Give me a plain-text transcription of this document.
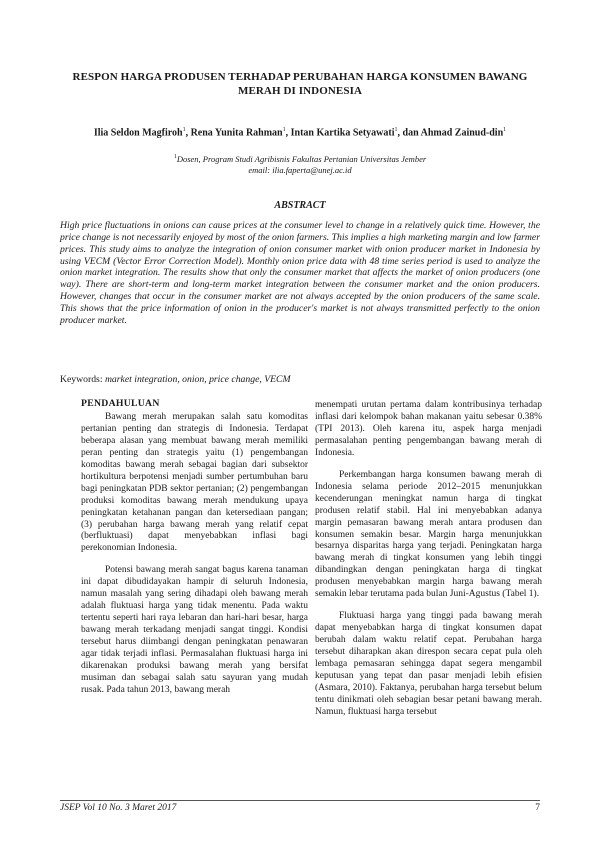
RESPON HARGA PRODUSEN TERHADAP PERUBAHAN HARGA KONSUMEN BAWANG MERAH DI INDONESIA
Ilia Seldon Magfiroh$^1$, Rena Yunita Rahman$^1$, Intan Kartika Setyawati$^1$, dan Ahmad Zainud-din$^1$
$^1$Dosen, Program Studi Agribisnis Fakultas Pertanian Universitas Jember
email: ilia.faperta@unej.ac.id
ABSTRACT
High price fluctuations in onions can cause prices at the consumer level to change in a relatively quick time. However, the price change is not necessarily enjoyed by most of the onion farmers. This implies a high marketing margin and low farmer prices. This study aims to analyze the integration of onion consumer market with onion producer market in Indonesia by using VECM (Vector Error Correction Model). Monthly onion price data with 48 time series period is used to analyze the onion market integration. The results show that only the consumer market that affects the market of onion producers (one way). There are short-term and long-term market integration between the consumer market and the onion producers. However, changes that occur in the consumer market are not always accepted by the onion producers of the same scale. This shows that the price information of onion in the producer's market is not always transmitted perfectly to the onion producer market.
Keywords: market integration, onion, price change, VECM
PENDAHULUAN

Bawang merah merupakan salah satu komoditas pertanian penting dan strategis di Indonesia. Terdapat beberapa alasan yang membuat bawang merah memiliki peran penting dan strategis yaitu (1) pengembangan komoditas bawang merah sebagai bagian dari subsektor hortikultura berpotensi menjadi sumber pertumbuhan baru bagi peningkatan PDB sektor pertanian; (2) pengembangan produksi komoditas bawang merah mendukung upaya peningkatan ketahanan pangan dan ketersediaan pangan; (3) perubahan harga bawang merah yang relatif cepat (berfluktuasi) dapat menyebabkan inflasi bagi perekonomian Indonesia.

Potensi bawang merah sangat bagus karena tanaman ini dapat dibudidayakan hampir di seluruh Indonesia, namun masalah yang sering dihadapi oleh bawang merah adalah fluktuasi harga yang tidak menentu. Pada waktu tertentu seperti hari raya lebaran dan hari-hari besar, harga bawang merah terkadang menjadi sangat tinggi. Kondisi tersebut harus diimbangi dengan peningkatan penawaran agar tidak terjadi inflasi. Permasalahan fluktuasi harga ini dikarenakan produksi bawang merah yang bersifat musiman dan sebagai salah satu sayuran yang mudah rusak. Pada tahun 2013, bawang merah

menempati urutan pertama dalam kontribusinya terhadap inflasi dari kelompok bahan makanan yaitu sebesar 0.38% (TPI 2013). Oleh karena itu, aspek harga menjadi permasalahan penting pengembangan bawang merah di Indonesia.

Perkembangan harga konsumen bawang merah di Indonesia selama periode 2012–2015 menunjukkan kecenderungan meningkat namun harga di tingkat produsen relatif stabil. Hal ini menyebabkan adanya margin pemasaran bawang merah antara produsen dan konsumen semakin besar. Margin harga menunjukkan besarnya disparitas harga yang terjadi. Peningkatan harga bawang merah di tingkat konsumen yang lebih tinggi dibandingkan dengan peningkatan harga di tingkat produsen menyebabkan margin harga bawang merah semakin lebar terutama pada bulan Juni-Agustus (Tabel 1).

Fluktuasi harga yang tinggi pada bawang merah dapat menyebabkan harga di tingkat konsumen dapat berubah dalam waktu relatif cepat. Perubahan harga tersebut diharapkan akan direspon secara cepat pula oleh lembaga pemasaran sehingga dapat segera mengambil keputusan yang tepat dan pasar menjadi lebih efisien (Asmara, 2010). Faktanya, perubahan harga tersebut belum tentu dinikmati oleh sebagian besar petani bawang merah. Namun, fluktuasi harga tersebut

JSEP Vol 10 No. 3 Maret 2017	7
